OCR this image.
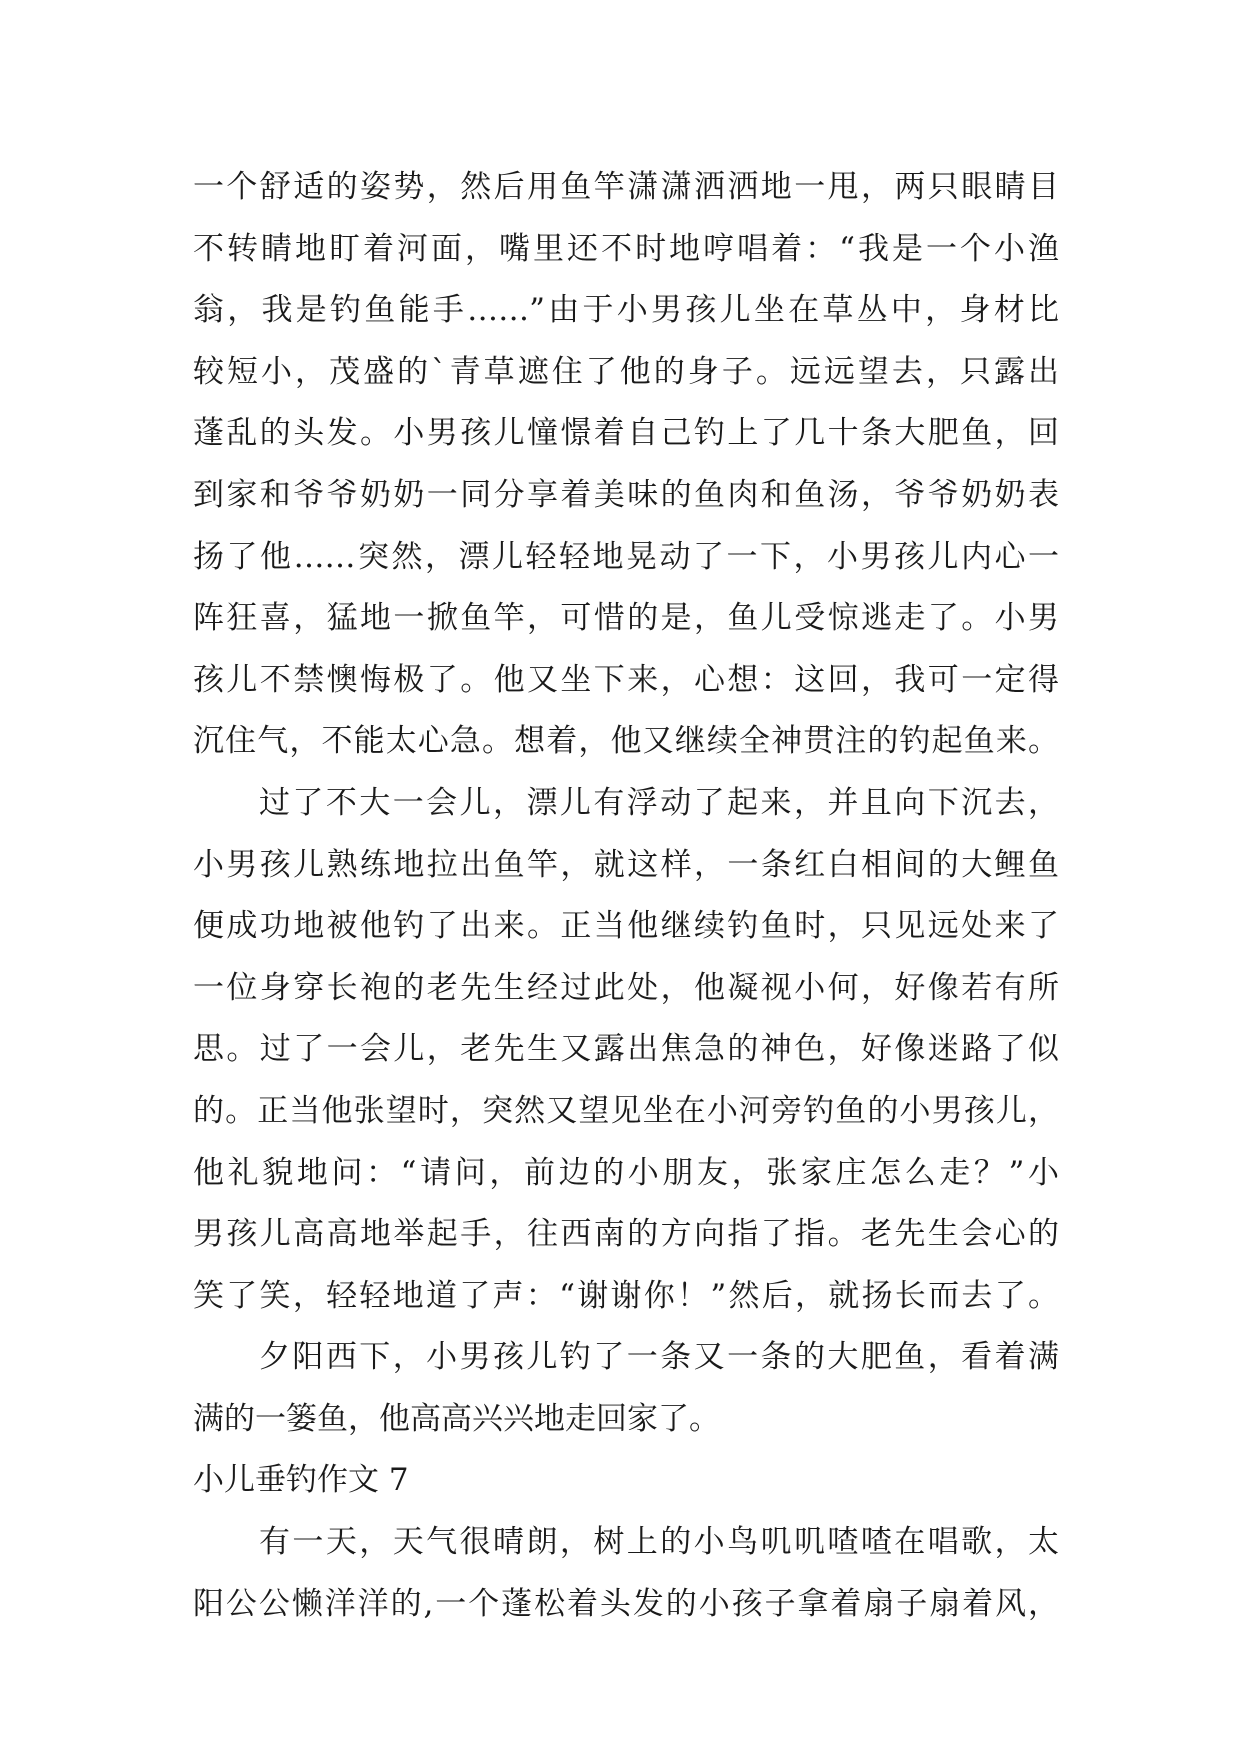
一个舒适的姿势，然后用鱼竿潇潇洒洒地一甩，两只眼睛目
不转睛地盯着河面，嘴里还不时地哼唱着：“我是一个小渔
翁，我是钓鱼能手……”由于小男孩儿坐在草丛中，身材比
较短小，茂盛的`青草遮住了他的身子。远远望去，只露出
蓬乱的头发。小男孩儿憧憬着自己钓上了几十条大肥鱼，回
到家和爷爷奶奶一同分享着美味的鱼肉和鱼汤，爷爷奶奶表
扬了他……突然，漂儿轻轻地晃动了一下，小男孩儿内心一
阵狂喜，猛地一掀鱼竿，可惜的是，鱼儿受惊逃走了。小男
孩儿不禁懊悔极了。他又坐下来，心想：这回，我可一定得
沉住气，不能太心急。想着，他又继续全神贯注的钓起鱼来。
过了不大一会儿，漂儿有浮动了起来，并且向下沉去，
小男孩儿熟练地拉出鱼竿，就这样，一条红白相间的大鲤鱼
便成功地被他钓了出来。正当他继续钓鱼时，只见远处来了
一位身穿长袍的老先生经过此处，他凝视小何，好像若有所
思。过了一会儿，老先生又露出焦急的神色，好像迷路了似
的。正当他张望时，突然又望见坐在小河旁钓鱼的小男孩儿，
他礼貌地问：“请问，前边的小朋友，张家庄怎么走？”小
男孩儿高高地举起手，往西南的方向指了指。老先生会心的
笑了笑，轻轻地道了声：“谢谢你！”然后，就扬长而去了。
夕阳西下，小男孩儿钓了一条又一条的大肥鱼，看着满
满的一篓鱼，他高高兴兴地走回家了。
小儿垂钓作文 7
有一天，天气很晴朗，树上的小鸟叽叽喳喳在唱歌，太
阳公公懒洋洋的,一个蓬松着头发的小孩子拿着扇子扇着风，
